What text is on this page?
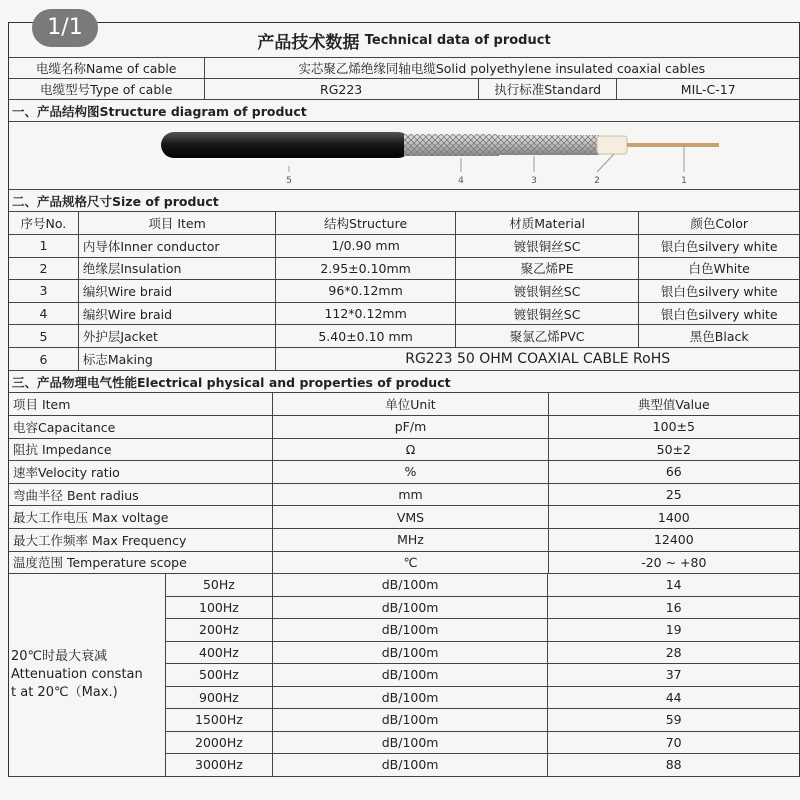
1/1
产品技术数据
Technical data of product
电缆名称Name of cable	实芯聚乙烯绝缘同轴电缆Solid polyethylene insulated coaxial cables
电缆型号Type of cable	RG223	执行标准Standard	MIL-C-17
一、产品结构图Structure diagram of product
5	4	3	2	1
二、产品规格尺寸Size of product
序号No.	项目 Item	结构Structure	材质Material	颜色Color
1	内导体Inner conductor	1/0.90 mm	镀银铜丝SC	银白色silvery white
2	绝缘层Insulation	2.95±0.10mm	聚乙烯PE	白色White
3	编织Wire braid	96*0.12mm	镀银铜丝SC	银白色silvery white
4	编织Wire braid	112*0.12mm	镀银铜丝SC	银白色silvery white
5	外护层Jacket	5.40±0.10 mm	聚氯乙烯PVC	黑色Black
6	标志Making	RG223 50 OHM COAXIAL CABLE RoHS
三、产品物理电气性能Electrical physical and properties of product
项目 Item	单位Unit	典型值Value
电容Capacitance	pF/m	100±5
阻抗 Impedance	Ω	50±2
速率Velocity ratio	%	66
弯曲半径 Bent radius	mm	25
最大工作电压 Max voltage	VMS	1400
最大工作频率 Max Frequency	MHz	12400
温度范围 Temperature scope	℃	-20 ~ +80
20℃时最大衰减
Attenuation constan
t at 20℃（Max.)
50Hz	dB/100m	14
100Hz	dB/100m	16
200Hz	dB/100m	19
400Hz	dB/100m	28
500Hz	dB/100m	37
900Hz	dB/100m	44
1500Hz	dB/100m	59
2000Hz	dB/100m	70
3000Hz	dB/100m	88
